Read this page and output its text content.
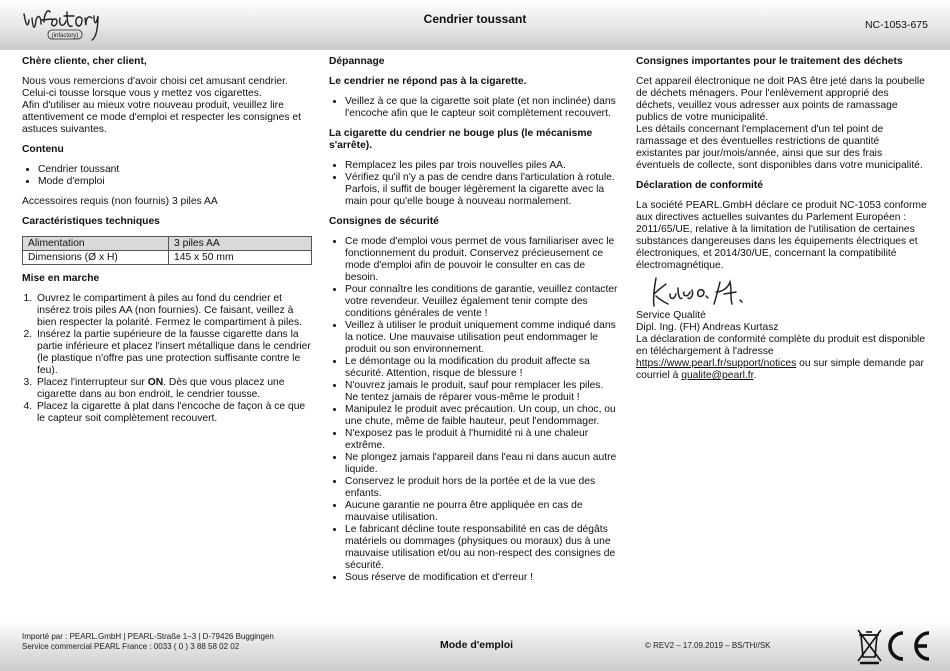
(infactory)
Cendrier toussant	NC-1053-675
Chère cliente, cher client,

Nous vous remercions d'avoir choisi cet amusant cendrier. Celui-ci tousse lorsque vous y mettez vos cigarettes.
Afin d'utiliser au mieux votre nouveau produit, veuillez lire attentivement ce mode d'emploi et respecter les consignes et astuces suivantes.

Contenu
• Cendrier toussant
• Mode d'emploi

Accessoires requis (non fournis) 3 piles AA

Caractéristiques techniques
Alimentation	3 piles AA
Dimensions (Ø x H)	145 x 50 mm
Mise en marche
1. Ouvrez le compartiment à piles au fond du cendrier et insérez trois piles AA (non fournies). Ce faisant, veillez à bien respecter la polarité. Fermez le compartiment à piles.
2. Insérez la partie supérieure de la fausse cigarette dans la partie inférieure et placez l'insert métallique dans le cendrier (le plastique n'offre pas une protection suffisante contre le feu).
3. Placez l'interrupteur sur ON. Dès que vous placez une cigarette dans au bon endroit, le cendrier tousse.
4. Placez la cigarette à plat dans l'encoche de façon à ce que le capteur soit complètement recouvert.
Dépannage
Le cendrier ne répond pas à la cigarette.
• Veillez à ce que la cigarette soit plate (et non inclinée) dans l'encoche afin que le capteur soit complètement recouvert.
La cigarette du cendrier ne bouge plus (le mécanisme s'arrête).
• Remplacez les piles par trois nouvelles piles AA.
• Vérifiez qu'il n'y a pas de cendre dans l'articulation à rotule. Parfois, il suffit de bouger légèrement la cigarette avec la main pour qu'elle bouge à nouveau normalement.
Consignes de sécurité
• Ce mode d'emploi vous permet de vous familiariser avec le fonctionnement du produit. Conservez précieusement ce mode d'emploi afin de pouvoir le consulter en cas de besoin.
• Pour connaître les conditions de garantie, veuillez contacter votre revendeur. Veuillez également tenir compte des conditions générales de vente !
• Veillez à utiliser le produit uniquement comme indiqué dans la notice. Une mauvaise utilisation peut endommager le produit ou son environnement.
• Le démontage ou la modification du produit affecte sa sécurité. Attention, risque de blessure !
• N'ouvrez jamais le produit, sauf pour remplacer les piles. Ne tentez jamais de réparer vous-même le produit !
• Manipulez le produit avec précaution. Un coup, un choc, ou une chute, même de faible hauteur, peut l'endommager.
• N'exposez pas le produit à l'humidité ni à une chaleur extrême.
• Ne plongez jamais l'appareil dans l'eau ni dans aucun autre liquide.
• Conservez le produit hors de la portée et de la vue des enfants.
• Aucune garantie ne pourra être appliquée en cas de mauvaise utilisation.
• Le fabricant décline toute responsabilité en cas de dégâts matériels ou dommages (physiques ou moraux) dus à une mauvaise utilisation et/ou au non-respect des consignes de sécurité.
• Sous réserve de modification et d'erreur !
Consignes importantes pour le traitement des déchets

Cet appareil électronique ne doit PAS être jeté dans la poubelle de déchets ménagers. Pour l'enlèvement approprié des déchets, veuillez vous adresser aux points de ramassage publics de votre municipalité.
Les détails concernant l'emplacement d'un tel point de ramassage et des éventuelles restrictions de quantité existantes par jour/mois/année, ainsi que sur des frais éventuels de collecte, sont disponibles dans votre municipalité.

Déclaration de conformité

La société PEARL.GmbH déclare ce produit NC-1053 conforme aux directives actuelles suivantes du Parlement Européen : 2011/65/UE, relative à la limitation de l'utilisation de certaines substances dangereuses dans les équipements électriques et électroniques, et 2014/30/UE, concernant la compatibilité électromagnétique.

Service Qualité
Dipl. Ing. (FH) Andreas Kurtasz
La déclaration de conformité complète du produit est disponible en téléchargement à l'adresse https://www.pearl.fr/support/notices ou sur simple demande par courriel à qualite@pearl.fr.

Importé par : PEARL.GmbH | PEARL-Straße 1–3 | D-79426 Buggingen
Service commercial PEARL France : 0033 ( 0 ) 3 88 58 02 02	Mode d'emploi	© REV2 – 17.09.2019 – BS/TH//SK
